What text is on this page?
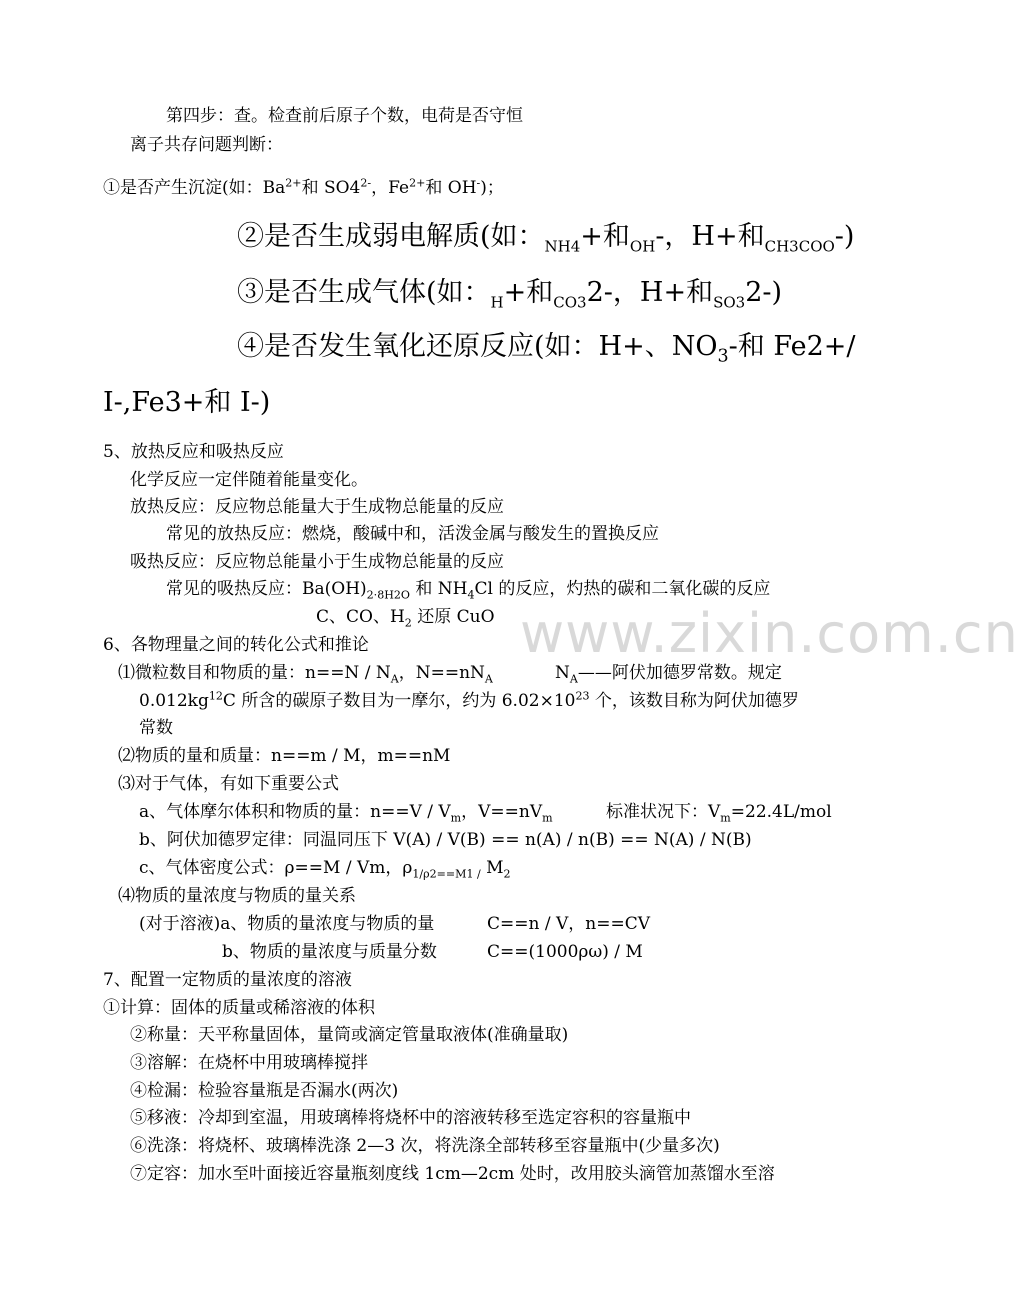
www.zixin.com.cn
第四步：查。检查前后原子个数，电荷是否守恒
离子共存问题判断：
①是否产生沉淀(如：$Ba^{2+}$和 $SO4^{2-}$，$Fe^{2+}$和 OH-)；
②是否生成弱电解质(如：$_{NH4}$+和$_{OH}$-，H+和$_{CH3COO}$-)
③是否生成气体(如：$_H$+和$_{CO3}$2-，H+和$_{SO3}$2-)
④是否发生氧化还原反应(如：H+、$NO_3-$和 Fe2+/
I-,Fe3+和 I-)
5、放热反应和吸热反应
化学反应一定伴随着能量变化。
放热反应：反应物总能量大于生成物总能量的反应
常见的放热反应：燃烧，酸碱中和，活泼金属与酸发生的置换反应
吸热反应：反应物总能量小于生成物总能量的反应
常见的吸热反应：$Ba(OH)_{2\cdot 8H2O}$ 和 $NH_4Cl$ 的反应，灼热的碳和二氧化碳的反应
C、CO、$H_2$ 还原 CuO
6、各物理量之间的转化公式和推论
⑴微粒数目和物质的量：$n==N / N_A$，$N==nN_A$	$N_A——$阿伏加德罗常数。规定
$0.012kg^{12}C$ 所含的碳原子数目为一摩尔，约为 $6.02\times 10^{23}$ 个，该数目称为阿伏加德罗
常数
⑵物质的量和质量：n==m / M，m==nM
⑶对于气体，有如下重要公式
a、气体摩尔体积和物质的量：$n==V / V_m$，$V==nV_m$	标准状况下：$V_m=22.4L$/mol
b、阿伏加德罗定律：同温同压下 V(A) / V(B) == n(A) / n(B) == N(A) / N(B)
c、气体密度公式：ρ==M / Vm，$\rho_{1/\rho 2==M1 /}$ $M_2$
⑷物质的量浓度与物质的量关系
(对于溶液)a、物质的量浓度与物质的量	C==n / V，n==CV
b、物质的量浓度与质量分数	C==(1000ρω) / M
7、配置一定物质的量浓度的溶液
①计算：固体的质量或稀溶液的体积
②称量：天平称量固体，量筒或滴定管量取液体(准确量取)
③溶解：在烧杯中用玻璃棒搅拌
④检漏：检验容量瓶是否漏水(两次)
⑤移液：冷却到室温，用玻璃棒将烧杯中的溶液转移至选定容积的容量瓶中
⑥洗涤：将烧杯、玻璃棒洗涤 2—3 次，将洗涤全部转移至容量瓶中(少量多次)
⑦定容：加水至叶面接近容量瓶刻度线 1cm—2cm 处时，改用胶头滴管加蒸馏水至溶
